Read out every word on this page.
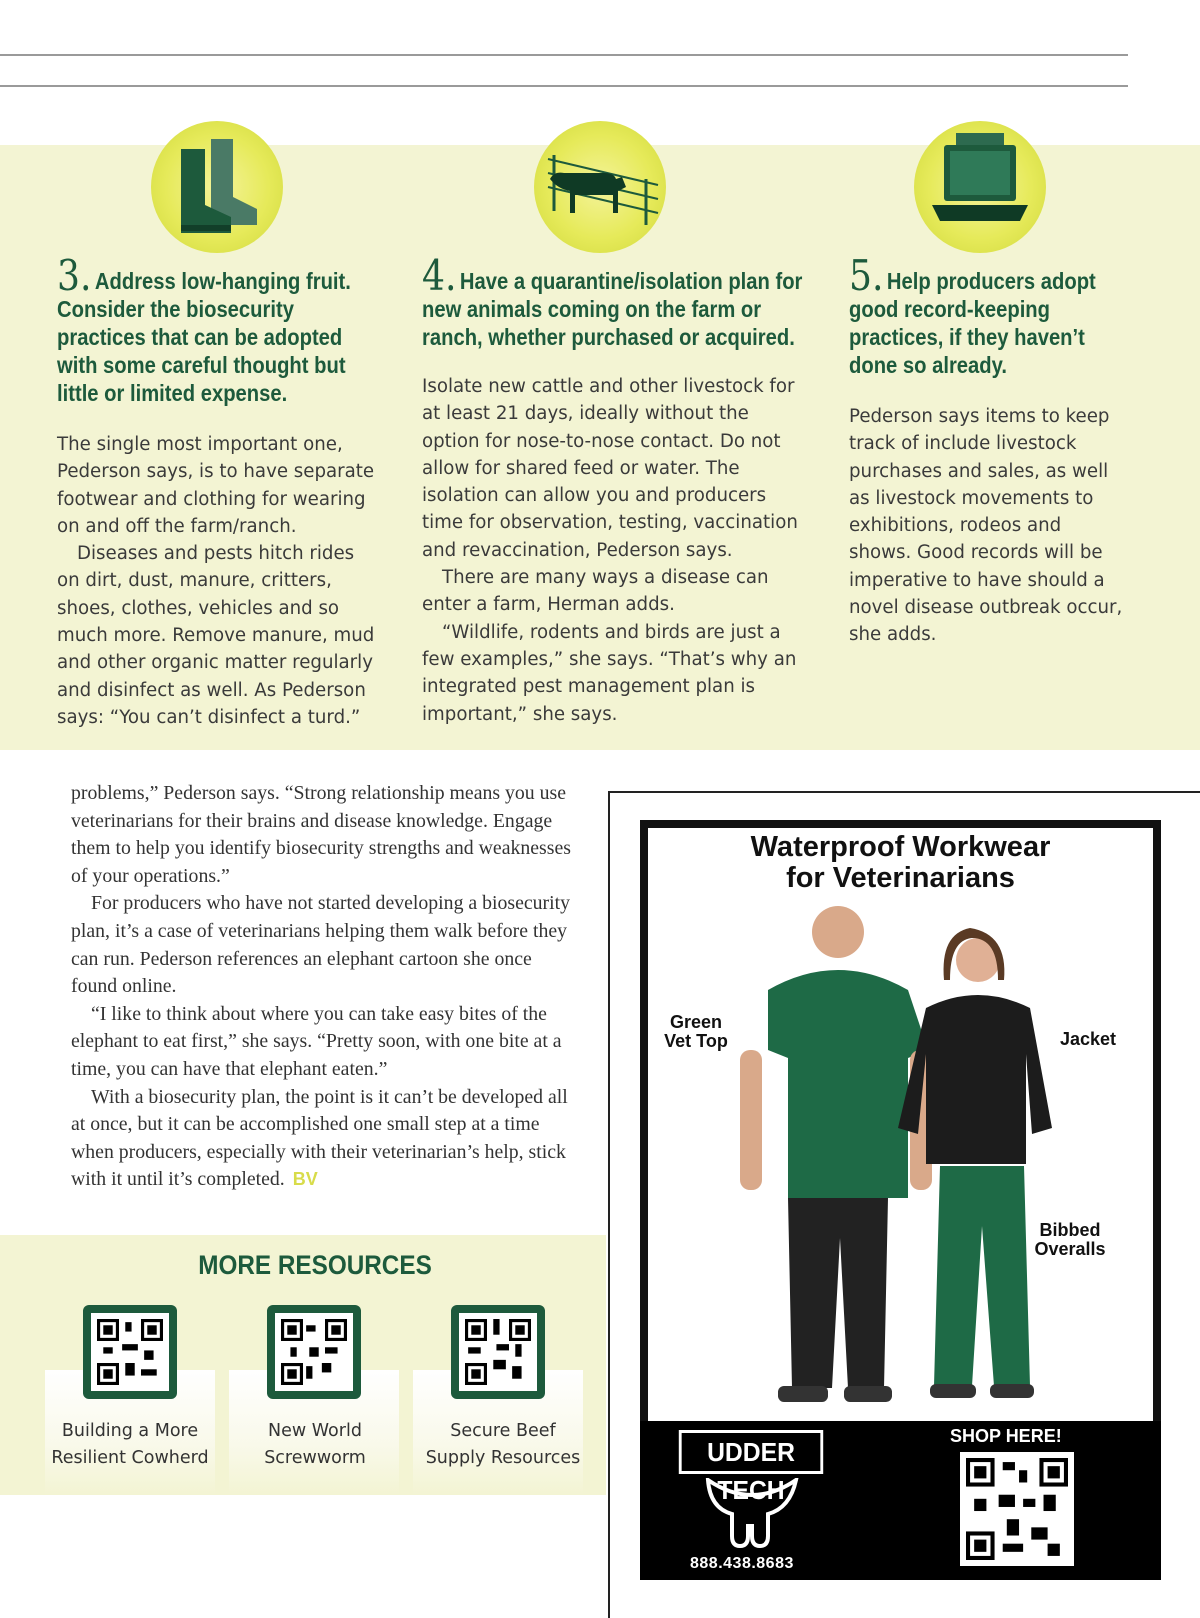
3. Address low-hanging fruit. Consider the biosecurity practices that can be adopted with some careful thought but little or limited expense.

The single most important one, Pederson says, is to have separate footwear and clothing for wearing on and off the farm/ranch.

Diseases and pests hitch rides on dirt, dust, manure, critters, shoes, clothes, vehicles and so much more. Remove manure, mud and other organic matter regularly and disinfect as well. As Pederson says: “You can’t disinfect a turd.”

4. Have a quarantine/isolation plan for new animals coming on the farm or ranch, whether purchased or acquired.

Isolate new cattle and other livestock for at least 21 days, ideally without the option for nose-to-nose contact. Do not allow for shared feed or water. The isolation can allow you and producers time for observation, testing, vaccination and revaccination, Pederson says.

There are many ways a disease can enter a farm, Herman adds.

“Wildlife, rodents and birds are just a few examples,” she says. “That’s why an integrated pest management plan is important,” she says.

5. Help producers adopt good record-keeping practices, if they haven’t done so already.

Pederson says items to keep track of include livestock purchases and sales, as well as livestock movements to exhibitions, rodeos and shows. Good records will be imperative to have should a novel disease outbreak occur, she adds.

problems,” Pederson says. “Strong relationship means you use veterinarians for their brains and disease knowledge. Engage them to help you identify biosecurity strengths and weaknesses of your operations.”

For producers who have not started developing a biosecurity plan, it’s a case of veterinarians helping them walk before they can run. Pederson references an elephant cartoon she once found online.

“I like to think about where you can take easy bites of the elephant to eat first,” she says. “Pretty soon, with one bite at a time, you can have that elephant eaten.”

With a biosecurity plan, the point is it can’t be developed all at once, but it can be accomplished one small step at a time when producers, especially with their veterinarian’s help, stick with it until it’s completed. BV

MORE RESOURCES
Building a More
Resilient Cowherd
New World
Screwworm
Secure Beef
Supply Resources
Waterproof Workwear
for Veterinarians
Green
Vet Top	Jacket
Bibbed
Overalls
UDDER TECH
888.438.8683
SHOP HERE!
